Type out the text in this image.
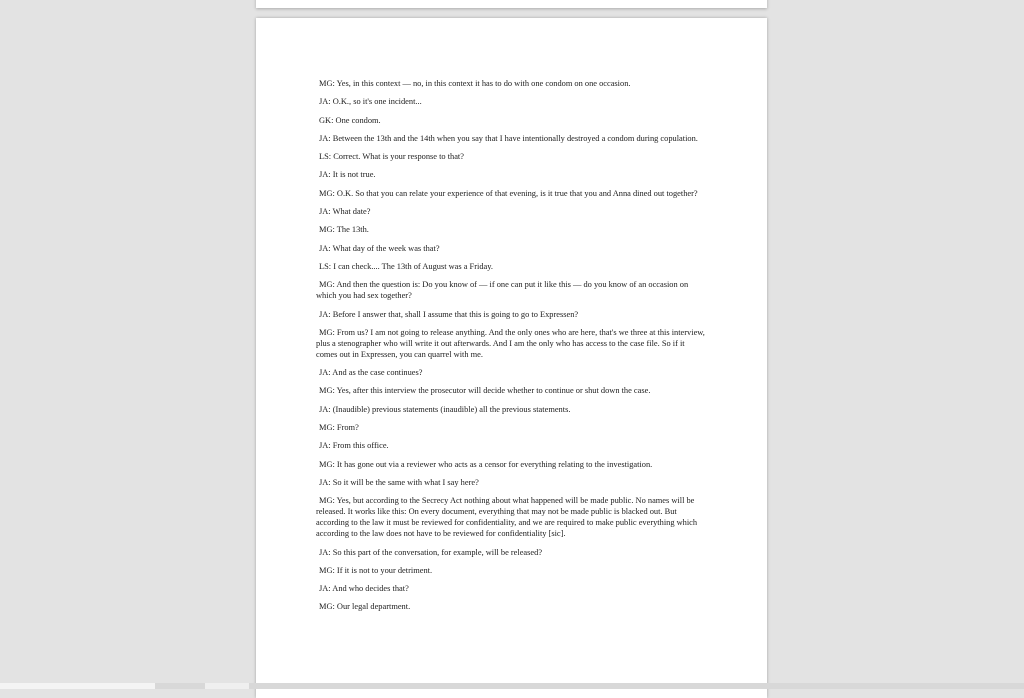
MG: Yes, in this context — no, in this context it has to do with one condom on one occasion.

JA: O.K., so it's one incident...

GK: One condom.

JA: Between the 13th and the 14th when you say that I have intentionally destroyed a condom during copulation.

LS: Correct. What is your response to that?

JA: It is not true.

MG: O.K. So that you can relate your experience of that evening, is it true that you and Anna dined out together?

JA: What date?

MG: The 13th.

JA: What day of the week was that?

LS: I can check.... The 13th of August was a Friday.

MG: And then the question is: Do you know of — if one can put it like this — do you know of an occasion on which you had sex together?

JA: Before I answer that, shall I assume that this is going to go to Expressen?

MG: From us? I am not going to release anything. And the only ones who are here, that's we three at this interview, plus a stenographer who will write it out afterwards. And I am the only who has access to the case file. So if it comes out in Expressen, you can quarrel with me.

JA: And as the case continues?

MG: Yes, after this interview the prosecutor will decide whether to continue or shut down the case.

JA: (Inaudible) previous statements (inaudible) all the previous statements.

MG: From?

JA: From this office.

MG: It has gone out via a reviewer who acts as a censor for everything relating to the investigation.

JA: So it will be the same with what I say here?

MG: Yes, but according to the Secrecy Act nothing about what happened will be made public. No names will be released. It works like this: On every document, everything that may not be made public is blacked out. But according to the law it must be reviewed for confidentiality, and we are required to make public everything which according to the law does not have to be reviewed for confidentiality [sic].

JA: So this part of the conversation, for example, will be released?

MG: If it is not to your detriment.

JA: And who decides that?

MG: Our legal department.
